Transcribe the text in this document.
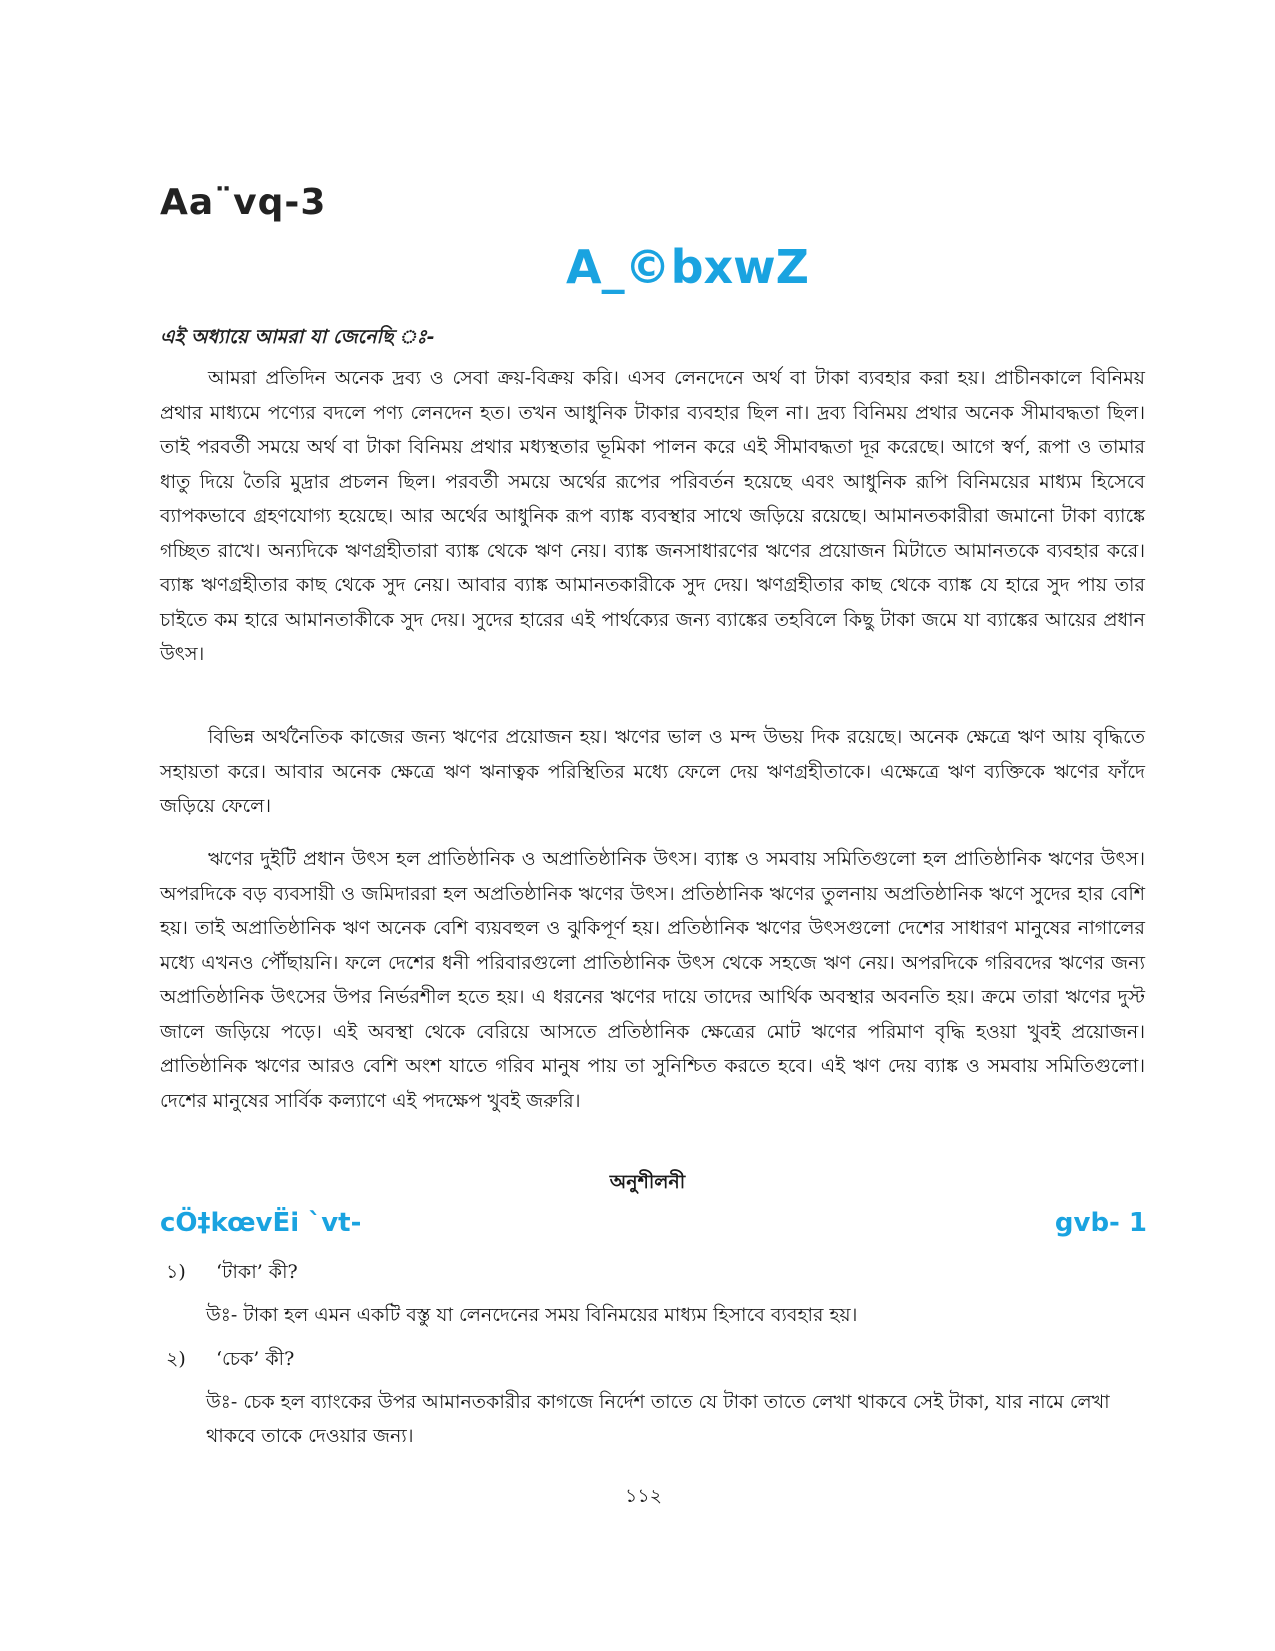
Aa¨vq-3
A_©bxwZ
এই অধ্যায়ে আমরা যা জেনেছি ঃ-

আমরা প্রতিদিন অনেক দ্রব্য ও সেবা ক্রয়-বিক্রয় করি। এসব লেনদেনে অর্থ বা টাকা ব্যবহার করা হয়। প্রাচীনকালে বিনিময় প্রথার মাধ্যমে পণ্যের বদলে পণ্য লেনদেন হত। তখন আধুনিক টাকার ব্যবহার ছিল না। দ্রব্য বিনিময় প্রথার অনেক সীমাবদ্ধতা ছিল। তাই পরবর্তী সময়ে অর্থ বা টাকা বিনিময় প্রথার মধ্যস্থতার ভূমিকা পালন করে এই সীমাবদ্ধতা দূর করেছে। আগে স্বর্ণ, রূপা ও তামার ধাতু দিয়ে তৈরি মুদ্রার প্রচলন ছিল। পরবর্তী সময়ে অর্থের রূপের পরিবর্তন হয়েছে এবং আধুনিক রূপি বিনিময়ের মাধ্যম হিসেবে ব্যাপকভাবে গ্রহণযোগ্য হয়েছে। আর অর্থের আধুনিক রূপ ব্যাঙ্ক ব্যবস্থার সাথে জড়িয়ে রয়েছে। আমানতকারীরা জমানো টাকা ব্যাঙ্কে গচ্ছিত রাখে। অন্যদিকে ঋণগ্রহীতারা ব্যাঙ্ক থেকে ঋণ নেয়। ব্যাঙ্ক জনসাধারণের ঋণের প্রয়োজন মিটাতে আমানতকে ব্যবহার করে। ব্যাঙ্ক ঋণগ্রহীতার কাছ থেকে সুদ নেয়। আবার ব্যাঙ্ক আমানতকারীকে সুদ দেয়। ঋণগ্রহীতার কাছ থেকে ব্যাঙ্ক যে হারে সুদ পায় তার চাইতে কম হারে আমানতাকীকে সুদ দেয়। সুদের হারের এই পার্থক্যের জন্য ব্যাঙ্কের তহবিলে কিছু টাকা জমে যা ব্যাঙ্কের আয়ের প্রধান উৎস।

বিভিন্ন অর্থনৈতিক কাজের জন্য ঋণের প্রয়োজন হয়। ঋণের ভাল ও মন্দ উভয় দিক রয়েছে। অনেক ক্ষেত্রে ঋণ আয় বৃদ্ধিতে সহায়তা করে। আবার অনেক ক্ষেত্রে ঋণ ঋনাত্বক পরিস্থিতির মধ্যে ফেলে দেয় ঋণগ্রহীতাকে। এক্ষেত্রে ঋণ ব্যক্তিকে ঋণের ফাঁদে জড়িয়ে ফেলে।

ঋণের দুইটি প্রধান উৎস হল প্রাতিষ্ঠানিক ও অপ্রাতিষ্ঠানিক উৎস। ব্যাঙ্ক ও সমবায় সমিতিগুলো হল প্রাতিষ্ঠানিক ঋণের উৎস। অপরদিকে বড় ব্যবসায়ী ও জমিদাররা হল অপ্রতিষ্ঠানিক ঋণের উৎস। প্রতিষ্ঠানিক ঋণের তুলনায় অপ্রতিষ্ঠানিক ঋণে সুদের হার বেশি হয়। তাই অপ্রাতিষ্ঠানিক ঋণ অনেক বেশি ব্যয়বহুল ও ঝুকিপূর্ণ হয়। প্রতিষ্ঠানিক ঋণের উৎসগুলো দেশের সাধারণ মানুষের নাগালের মধ্যে এখনও পৌঁছায়নি। ফলে দেশের ধনী পরিবারগুলো প্রাতিষ্ঠানিক উৎস থেকে সহজে ঋণ নেয়। অপরদিকে গরিবদের ঋণের জন্য অপ্রাতিষ্ঠানিক উৎসের উপর নির্ভরশীল হতে হয়। এ ধরনের ঋণের দায়ে তাদের আর্থিক অবস্থার অবনতি হয়। ক্রমে তারা ঋণের দুস্ট জালে জড়িয়ে পড়ে। এই অবস্থা থেকে বেরিয়ে আসতে প্রতিষ্ঠানিক ক্ষেত্রের মোট ঋণের পরিমাণ বৃদ্ধি হওয়া খুবই প্রয়োজন। প্রাতিষ্ঠানিক ঋণের আরও বেশি অংশ যাতে গরিব মানুষ পায় তা সুনিশ্চিত করতে হবে। এই ঋণ দেয় ব্যাঙ্ক ও সমবায় সমিতিগুলো। দেশের মানুষের সার্বিক কল্যাণে এই পদক্ষেপ খুবই জরুরি।

অনুশীলনী
cÖ‡kœvËi `vt-	gvb- 1
১) ‘টাকা’ কী?

উঃ- টাকা হল এমন একটি বস্তু যা লেনদেনের সময় বিনিময়ের মাধ্যম হিসাবে ব্যবহার হয়।

২) ‘চেক’ কী?

উঃ- চেক হল ব্যাংকের উপর আমানতকারীর কাগজে নির্দেশ তাতে যে টাকা তাতে লেখা থাকবে সেই টাকা, যার নামে লেখা থাকবে তাকে দেওয়ার জন্য।

১১২
